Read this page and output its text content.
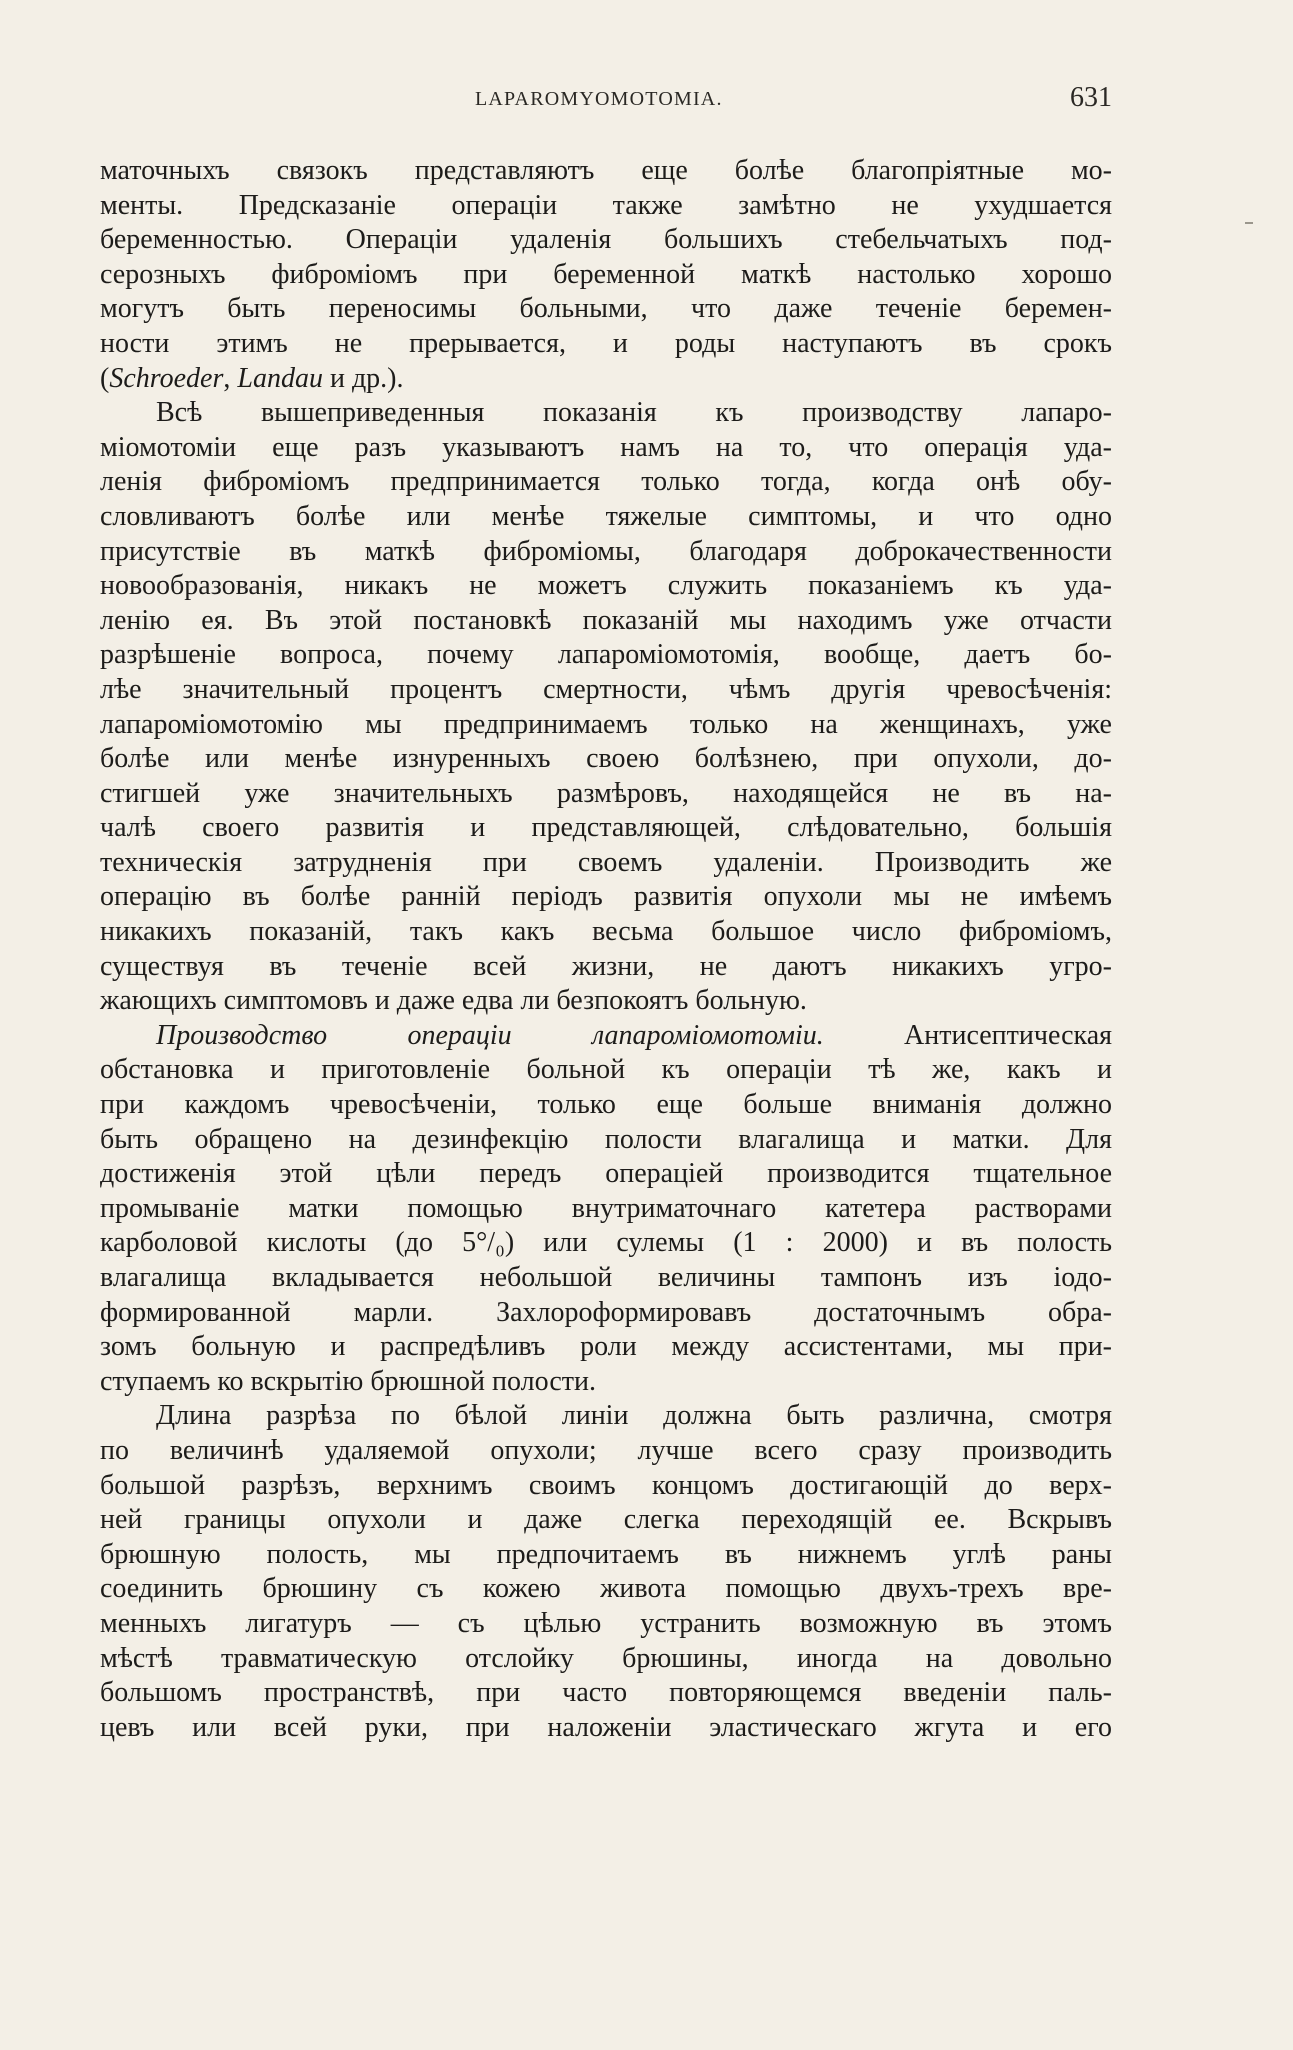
LAPAROMYOMOTOMIA.	631
маточныхъ связокъ представляютъ еще болѣе благопріятные мо-
менты. Предсказаніе операціи также замѣтно не ухудшается
беременностью. Операціи удаленія большихъ стебельчатыхъ под-
серозныхъ фиброміомъ при беременной маткѣ настолько хорошо
могутъ быть переносимы больными, что даже теченіе беремен-
ности этимъ не прерывается, и роды наступаютъ въ срокъ
(Schroeder, Landau и др.).
Всѣ вышеприведенныя показанія къ производству лапаро-
міомотоміи еще разъ указываютъ намъ на то, что операція уда-
ленія фиброміомъ предпринимается только тогда, когда онѣ обу-
словливаютъ болѣе или менѣе тяжелые симптомы, и что одно
присутствіе въ маткѣ фиброміомы, благодаря доброкачественности
новообразованія, никакъ не можетъ служить показаніемъ къ уда-
ленію ея. Въ этой постановкѣ показаній мы находимъ уже отчасти
разрѣшеніе вопроса, почему лапароміомотомія, вообще, даетъ бо-
лѣе значительный процентъ смертности, чѣмъ другія чревосѣченія:
лапароміомотомію мы предпринимаемъ только на женщинахъ, уже
болѣе или менѣе изнуренныхъ своею болѣзнею, при опухоли, до-
стигшей уже значительныхъ размѣровъ, находящейся не въ на-
чалѣ своего развитія и представляющей, слѣдовательно, большія
техническія затрудненія при своемъ удаленіи. Производить же
операцію въ болѣе ранній періодъ развитія опухоли мы не имѣемъ
никакихъ показаній, такъ какъ весьма большое число фиброміомъ,
существуя въ теченіе всей жизни, не даютъ никакихъ угро-
жающихъ симптомовъ и даже едва ли безпокоятъ больную.
Производство операціи лапароміомотоміи. Антисептическая
обстановка и приготовленіе больной къ операціи тѣ же, какъ и
при каждомъ чревосѣченіи, только еще больше вниманія должно
быть обращено на дезинфекцію полости влагалища и матки. Для
достиженія этой цѣли передъ операціей производится тщательное
промываніе матки помощью внутриматочнаго катетера растворами
карболовой кислоты (до 5°/₀) или сулемы (1 : 2000) и въ полость
влагалища вкладывается небольшой величины тампонъ изъ іодо-
формированной марли. Захлороформировавъ достаточнымъ обра-
зомъ больную и распредѣливъ роли между ассистентами, мы при-
ступаемъ ко вскрытію брюшной полости.
Длина разрѣза по бѣлой линіи должна быть различна, смотря
по величинѣ удаляемой опухоли; лучше всего сразу производить
большой разрѣзъ, верхнимъ своимъ концомъ достигающій до верх-
ней границы опухоли и даже слегка переходящій ее. Вскрывъ
брюшную полость, мы предпочитаемъ въ нижнемъ углѣ раны
соединить брюшину съ кожею живота помощью двухъ-трехъ вре-
менныхъ лигатуръ — съ цѣлью устранить возможную въ этомъ
мѣстѣ травматическую отслойку брюшины, иногда на довольно
большомъ пространствѣ, при часто повторяющемся введеніи паль-
цевъ или всей руки, при наложеніи эластическаго жгута и его
